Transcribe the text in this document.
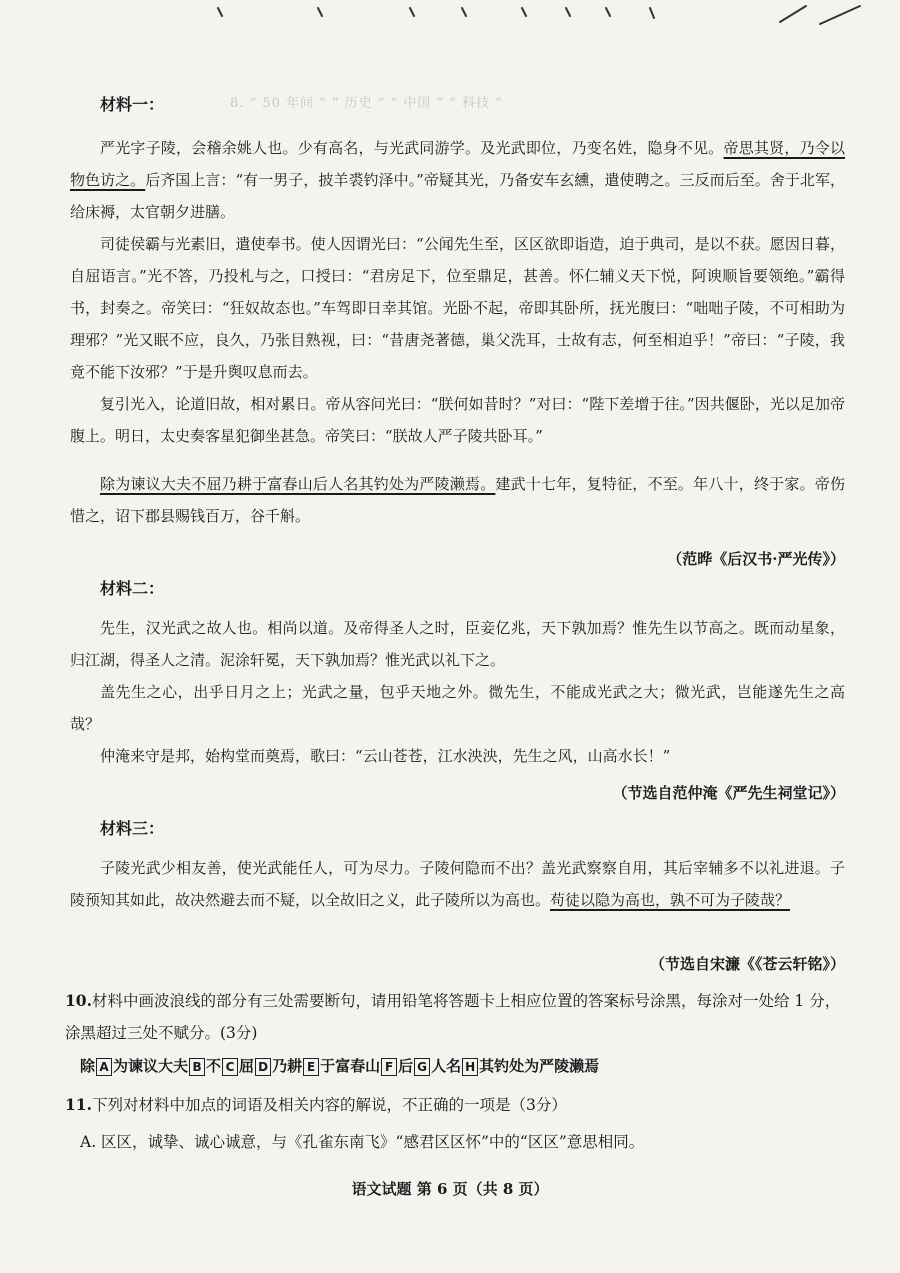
8. “ 50 年间 ” “ 历史 ” “ 中国 ” “ 科技 ”
材料一：

严光字子陵，会稽余姚人也。少有高名，与光武同游学。及光武即位，乃变名姓，隐身不见。帝思其贤，乃令以物色访之。后齐国上言：“有一男子，披羊裘钓泽中。”帝疑其光，乃备安车玄纁，遣使聘之。三反而后至。舍于北军，给床褥，太官朝夕进膳。

司徒侯霸与光素旧，遣使奉书。使人因谓光曰：“公闻先生至，区区欲即诣造，迫于典司，是以不获。愿因日暮，自屈语言。”光不答，乃投札与之，口授曰：“君房足下，位至鼎足，甚善。怀仁辅义天下悦，阿谀顺旨要领绝。”霸得书，封奏之。帝笑曰：“狂奴故态也。”车驾即日幸其馆。光卧不起，帝即其卧所，抚光腹曰：“咄咄子陵，不可相助为理邪？”光又眠不应，良久，乃张目熟视，曰：“昔唐尧著德，巢父洗耳，士故有志，何至相迫乎！”帝曰：“子陵，我竟不能下汝邪？”于是升舆叹息而去。

复引光入，论道旧故，相对累日。帝从容问光曰：“朕何如昔时？”对曰：“陛下差增于往。”因共偃卧，光以足加帝腹上。明日，太史奏客星犯御坐甚急。帝笑曰：“朕故人严子陵共卧耳。”

除为谏议大夫不屈乃耕于富春山后人名其钓处为严陵濑焉。建武十七年，复特征，不至。年八十，终于家。帝伤惜之，诏下郡县赐钱百万，谷千斛。

（范晔《后汉书·严光传》）
材料二：

先生，汉光武之故人也。相尚以道。及帝得圣人之时，臣妾亿兆，天下孰加焉？惟先生以节高之。既而动星象，归江湖，得圣人之清。泥涂轩冕，天下孰加焉？惟光武以礼下之。

盖先生之心，出乎日月之上；光武之量，包乎天地之外。微先生，不能成光武之大；微光武，岂能遂先生之高哉？

仲淹来守是邦，始构堂而奠焉，歌曰：“云山苍苍，江水泱泱，先生之风，山高水长！”

（节选自范仲淹《严先生祠堂记》）
材料三：

子陵光武少相友善，使光武能任人，可为尽力。子陵何隐而不出？盖光武察察自用，其后宰辅多不以礼进退。子陵预知其如此，故决然避去而不疑，以全故旧之义，此子陵所以为高也。苟徒以隐为高也，孰不可为子陵哉？

（节选自宋濂《《苍云轩铭》）

10.材料中画波浪线的部分有三处需要断句，请用铅笔将答题卡上相应位置的答案标号涂黑，每涂对一处给 1 分，涂黑超过三处不赋分。(3分)

除 A 为谏议大夫 B 不 C 屈 D 乃耕 E 于富春山 F 后 G 人名 H 其钓处为严陵濑焉

11.下列对材料中加点的词语及相关内容的解说，不正确的一项是（3分）

A. 区区，诚挚、诚心诚意，与《孔雀东南飞》“感君区区怀”中的“区区”意思相同。
语文试题 第 6 页（共 8 页）
